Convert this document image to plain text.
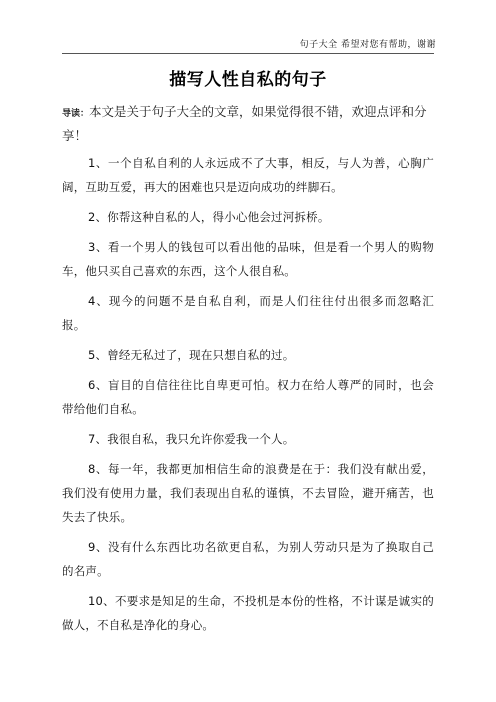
句子大全 希望对您有帮助，谢谢
描写人性自私的句子
导读：本文是关于句子大全的文章，如果觉得很不错，欢迎点评和分享！

1、一个自私自利的人永远成不了大事，相反，与人为善，心胸广阔，互助互爱，再大的困难也只是迈向成功的绊脚石。

2、你帮这种自私的人，得小心他会过河拆桥。

3、看一个男人的钱包可以看出他的品味，但是看一个男人的购物车，他只买自己喜欢的东西，这个人很自私。

4、现今的问题不是自私自利，而是人们往往付出很多而忽略汇报。

5、曾经无私过了，现在只想自私的过。

6、盲目的自信往往比自卑更可怕。权力在给人尊严的同时，也会带给他们自私。

7、我很自私，我只允许你爱我一个人。

8、每一年，我都更加相信生命的浪费是在于：我们没有献出爱，我们没有使用力量，我们表现出自私的谨慎，不去冒险，避开痛苦，也失去了快乐。

9、没有什么东西比功名欲更自私，为别人劳动只是为了换取自己的名声。

10、不要求是知足的生命，不投机是本份的性格，不计谋是诚实的做人，不自私是净化的身心。
